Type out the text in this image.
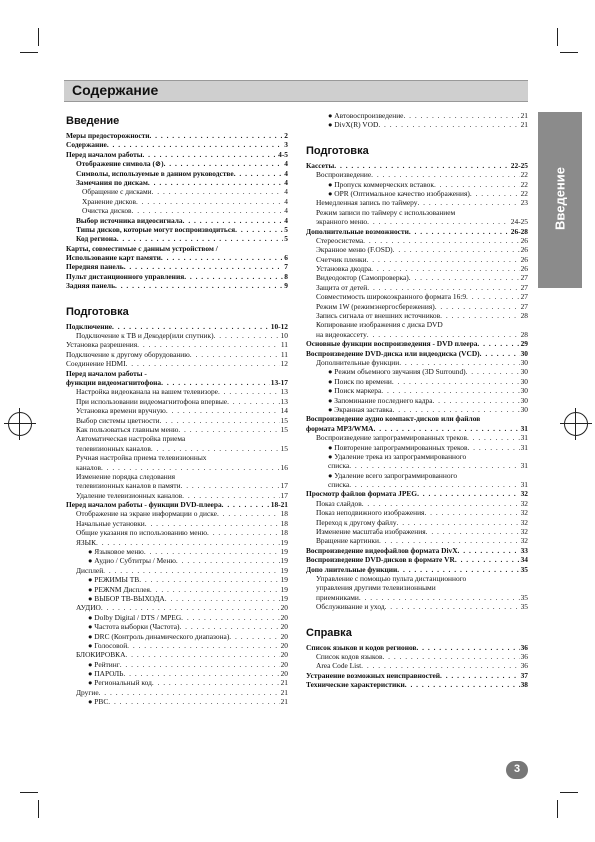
Содержание
Введение
Введение
Меры предосторожности . . .	2
Содержание . . .	3
Перед началом работы . . .	4-5
Отображение символа (⊘) . . .	4
Символы, используемые в данном руководстве . . .	4
Замечания по дискам . . .	4
Обращение с дисками . . .	4
Хранение дисков . . .	4
Очистка дисков . . .	4
Выбор источника видеосигнала . . .	4
Типы дисков, которые могут воспроизводиться . . .	5
Код региона . . .	5
Карты, совместимые с данным устройством /
Использование карт памяти . . .	6
Передняя панель . . .	7
Пульт дистанционного управления . . .	8
Задняя панель . . .	9
Подготовка
Подключение . . .	10-12
Подключение к ТВ и Декодер(или спутник) . . .	10
Установка разрешения . . .	11
Подключение к другому оборудованию . . .	11
Соединение HDMI . . .	12
Перед началом работы -
функции видеомагнитофона . . .	13-17
Настройка видеоканала на вашем телевизоре . . .	13
При использовании видеомагнитофона впервые . . .	13
Установка времени вручную . . .	14
Выбор системы цветности . . .	15
Как пользоваться главным меню . . .	15
Автоматическая настройка приема
телевизионных каналов . . .	15
Ручная настройка приема телевизионных
каналов . . .	16
Изменение порядка следования
телевизионных каналов в памяти . . .	17
Удаление телевизионных каналов . . .	17
Перед началом работы - функции DVD-плеера . . .	18-21
Отображение на экране информации о диске . . .	18
Начальные установки . . .	18
Общие указания по использованию меню . . .	18
ЯЗЫК . . .	19
● Языковое меню . . .	19
● Аудио / Субтитры / Меню . . .	19
Дисплей . . .	19
● РЕЖИМЫ ТВ . . .	19
● РЕЖNM Дисплея . . .	19
● ВЫБОР ТВ-ВЫХОДА . . .	19
АУДИО . . .	20
● Dolby Digital / DTS / MPEG . . .	20
● Частота выборки (Частота) . . .	20
● DRC (Контроль динамического диапазона) . . .	20
● Голосовой . . .	20
БЛОКИРОВКА . . .	20
● Рейтинг . . .	20
● ПАРОЛЬ . . .	20
● Региональный код . . .	21
Другие . . .	21
● PBC . . .	21
● Автовоспроизведение . . .	21
● DivX(R) VOD . . .	21
Подготовка
Кассеты . . .	22-25
Воспроизведение . . .	22
● Пропуск коммерческих вставок . . .	22
● OPR (Оптимальное качество изображения) . . .	22
Немедленная запись по таймеру . . .	23
Режим записи по таймеру с использованием
экранного меню . . .	24-25
Дополнительные возможности . . .	26-28
Стереосистема . . .	26
Экранное меню (F.OSD) . . .	26
Счетчик пленки . . .	26
Установка дкодра . . .	26
Видеодоктор (Самопроверка) . . .	27
Защита от детей . . .	27
Совместимость широкоэкранного формата 16:9 . . .	27
Режим 1W (режимэнергосбережения) . . .	27
Запись сигнала от внешних источников . . .	28
Копирование изображения с диска DVD
на видеокассету . . .	28
Основные функции воспроизведения - DVD плеера . . .	29
Воспроизведение DVD-диска или видеодиска (VCD) . . .	30
Дополнительные функции . . .	30
● Режим объемного звучания (3D Surround) . . .	30
● Поиск по времени . . .	30
● Поиск маркера . . .	30
● Запоминание последнего кадра . . .	30
● Экранная заставка . . .	30
Воспроизведение аудио компакт-дисков или файлов
формата MP3/WMA . . .	31
Воспроизведение запрограммированных треков . . .	31
● Повторение запрограммированных треков . . .	31
● Удаление трека из запрограммированного
списка . . .	31
● Удаление всего запрограммированного
списка . . .	31
Просмотр файлов формата JPEG . . .	32
Показ слайдов . . .	32
Показ неподвижного изображения . . .	32
Переход к другому файлу . . .	32
Изменение масштаба изображения . . .	32
Вращение картинки . . .	32
Воспроизведение видеофайлов формата DivX . . .	33
Воспроизведение DVD-дисков в формате VR . . .	34
Допо лнительные функции . . .	35
Управление с помощью пульта дистанционного
управления другими телевизионными
приемниками . . .	35
Обслуживание и уход . . .	35
Справка
Список языков и кодов регионов . . .	36
Список кодов языков . . .	36
Area Code List . . .	36
Устранение возможных неисправностей . . .	37
Технические характеристики . . .	38
3
